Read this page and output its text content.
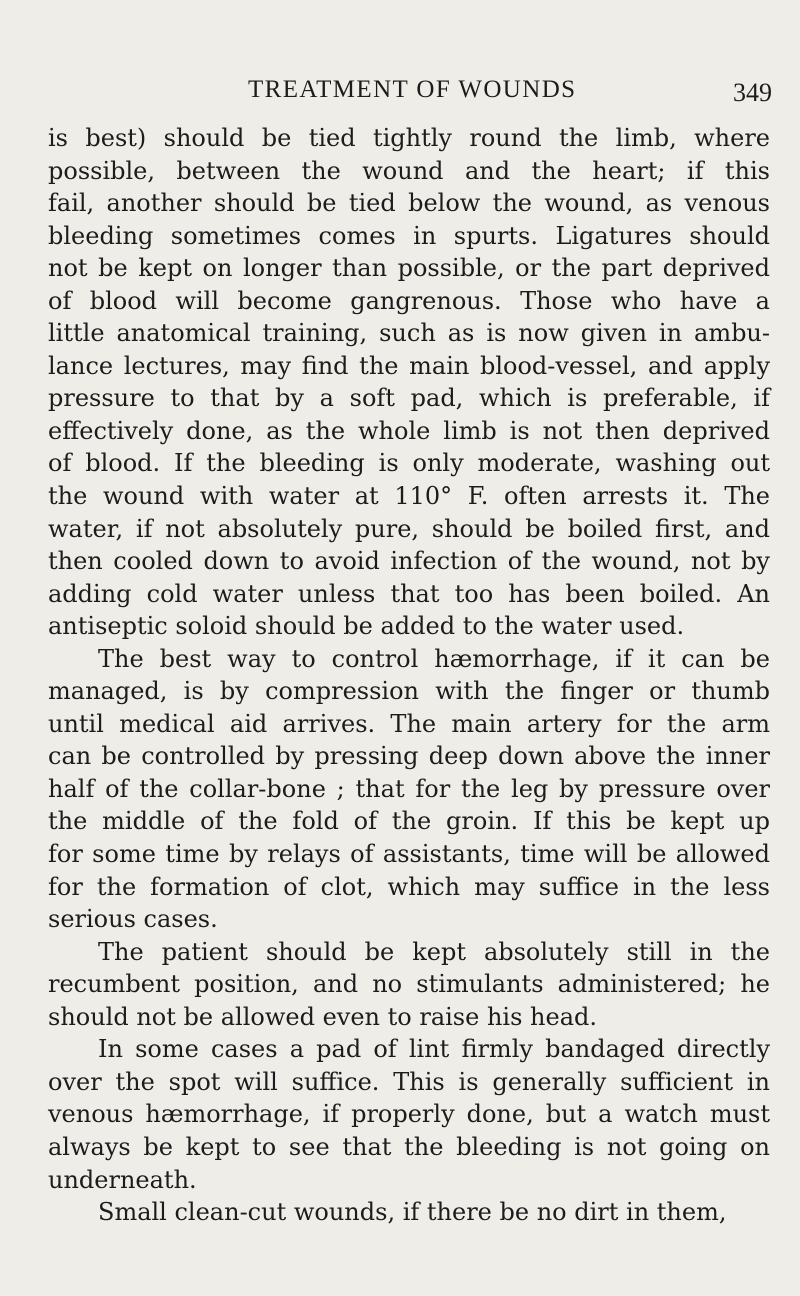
TREATMENT OF WOUNDS	349
is best) should be tied tightly round the limb, where
possible, between the wound and the heart; if this
fail, another should be tied below the wound, as venous
bleeding sometimes comes in spurts. Ligatures should
not be kept on longer than possible, or the part deprived
of blood will become gangrenous. Those who have a
little anatomical training, such as is now given in ambu-
lance lectures, may find the main blood-vessel, and apply
pressure to that by a soft pad, which is preferable, if
effectively done, as the whole limb is not then deprived
of blood. If the bleeding is only moderate, washing out
the wound with water at 110° F. often arrests it. The
water, if not absolutely pure, should be boiled first, and
then cooled down to avoid infection of the wound, not by
adding cold water unless that too has been boiled. An
antiseptic soloid should be added to the water used.
The best way to control hæmorrhage, if it can be
managed, is by compression with the finger or thumb
until medical aid arrives. The main artery for the arm
can be controlled by pressing deep down above the inner
half of the collar-bone ; that for the leg by pressure over
the middle of the fold of the groin. If this be kept up
for some time by relays of assistants, time will be allowed
for the formation of clot, which may suffice in the less
serious cases.
The patient should be kept absolutely still in the
recumbent position, and no stimulants administered; he
should not be allowed even to raise his head.
In some cases a pad of lint firmly bandaged directly
over the spot will suffice. This is generally sufficient in
venous hæmorrhage, if properly done, but a watch must
always be kept to see that the bleeding is not going on
underneath.
Small clean-cut wounds, if there be no dirt in them,
